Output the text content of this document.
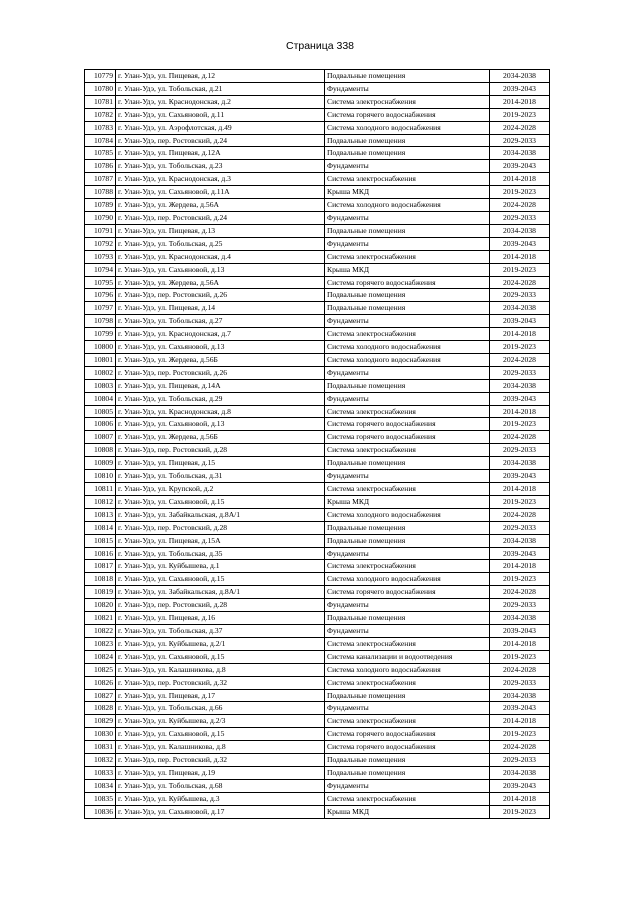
Страница 338
10779	г. Улан-Удэ, ул. Пищевая, д.12	Подвальные помещения	2034-2038
10780	г. Улан-Удэ, ул. Тобольская, д.21	Фундаменты	2039-2043
10781	г. Улан-Удэ, ул. Краснодонская, д.2	Система электроснабжения	2014-2018
10782	г. Улан-Удэ, ул. Сахьяновой, д.11	Система горячего водоснабжения	2019-2023
10783	г. Улан-Удэ, ул. Аэрофлотская, д.49	Система холодного водоснабжения	2024-2028
10784	г. Улан-Удэ, пер. Ростовский, д.24	Подвальные помещения	2029-2033
10785	г. Улан-Удэ, ул. Пищевая, д.12А	Подвальные помещения	2034-2038
10786	г. Улан-Удэ, ул. Тобольская, д.23	Фундаменты	2039-2043
10787	г. Улан-Удэ, ул. Краснодонская, д.3	Система электроснабжения	2014-2018
10788	г. Улан-Удэ, ул. Сахьяновой, д.11А	Крыша МКД	2019-2023
10789	г. Улан-Удэ, ул. Жердева, д.56А	Система холодного водоснабжения	2024-2028
10790	г. Улан-Удэ, пер. Ростовский, д.24	Фундаменты	2029-2033
10791	г. Улан-Удэ, ул. Пищевая, д.13	Подвальные помещения	2034-2038
10792	г. Улан-Удэ, ул. Тобольская, д.25	Фундаменты	2039-2043
10793	г. Улан-Удэ, ул. Краснодонская, д.4	Система электроснабжения	2014-2018
10794	г. Улан-Удэ, ул. Сахьяновой, д.13	Крыша МКД	2019-2023
10795	г. Улан-Удэ, ул. Жердева, д.56А	Система горячего водоснабжения	2024-2028
10796	г. Улан-Удэ, пер. Ростовский, д.26	Подвальные помещения	2029-2033
10797	г. Улан-Удэ, ул. Пищевая, д.14	Подвальные помещения	2034-2038
10798	г. Улан-Удэ, ул. Тобольская, д.27	Фундаменты	2039-2043
10799	г. Улан-Удэ, ул. Краснодонская, д.7	Система электроснабжения	2014-2018
10800	г. Улан-Удэ, ул. Сахьяновой, д.13	Система холодного водоснабжения	2019-2023
10801	г. Улан-Удэ, ул. Жердева, д.56Б	Система холодного водоснабжения	2024-2028
10802	г. Улан-Удэ, пер. Ростовский, д.26	Фундаменты	2029-2033
10803	г. Улан-Удэ, ул. Пищевая, д.14А	Подвальные помещения	2034-2038
10804	г. Улан-Удэ, ул. Тобольская, д.29	Фундаменты	2039-2043
10805	г. Улан-Удэ, ул. Краснодонская, д.8	Система электроснабжения	2014-2018
10806	г. Улан-Удэ, ул. Сахьяновой, д.13	Система горячего водоснабжения	2019-2023
10807	г. Улан-Удэ, ул. Жердева, д.56Б	Система горячего водоснабжения	2024-2028
10808	г. Улан-Удэ, пер. Ростовский, д.28	Система электроснабжения	2029-2033
10809	г. Улан-Удэ, ул. Пищевая, д.15	Подвальные помещения	2034-2038
10810	г. Улан-Удэ, ул. Тобольская, д.31	Фундаменты	2039-2043
10811	г. Улан-Удэ, ул. Крупской, д.2	Система электроснабжения	2014-2018
10812	г. Улан-Удэ, ул. Сахьяновой, д.15	Крыша МКД	2019-2023
10813	г. Улан-Удэ, ул. Забайкальская, д.8А/1	Система холодного водоснабжения	2024-2028
10814	г. Улан-Удэ, пер. Ростовский, д.28	Подвальные помещения	2029-2033
10815	г. Улан-Удэ, ул. Пищевая, д.15А	Подвальные помещения	2034-2038
10816	г. Улан-Удэ, ул. Тобольская, д.35	Фундаменты	2039-2043
10817	г. Улан-Удэ, ул. Куйбышева, д.1	Система электроснабжения	2014-2018
10818	г. Улан-Удэ, ул. Сахьяновой, д.15	Система холодного водоснабжения	2019-2023
10819	г. Улан-Удэ, ул. Забайкальская, д.8А/1	Система горячего водоснабжения	2024-2028
10820	г. Улан-Удэ, пер. Ростовский, д.28	Фундаменты	2029-2033
10821	г. Улан-Удэ, ул. Пищевая, д.16	Подвальные помещения	2034-2038
10822	г. Улан-Удэ, ул. Тобольская, д.37	Фундаменты	2039-2043
10823	г. Улан-Удэ, ул. Куйбышева, д.2/1	Система электроснабжения	2014-2018
10824	г. Улан-Удэ, ул. Сахьяновой, д.15	Система канализации и водоотведения	2019-2023
10825	г. Улан-Удэ, ул. Калашникова, д.8	Система холодного водоснабжения	2024-2028
10826	г. Улан-Удэ, пер. Ростовский, д.32	Система электроснабжения	2029-2033
10827	г. Улан-Удэ, ул. Пищевая, д.17	Подвальные помещения	2034-2038
10828	г. Улан-Удэ, ул. Тобольская, д.66	Фундаменты	2039-2043
10829	г. Улан-Удэ, ул. Куйбышева, д.2/3	Система электроснабжения	2014-2018
10830	г. Улан-Удэ, ул. Сахьяновой, д.15	Система горячего водоснабжения	2019-2023
10831	г. Улан-Удэ, ул. Калашникова, д.8	Система горячего водоснабжения	2024-2028
10832	г. Улан-Удэ, пер. Ростовский, д.32	Подвальные помещения	2029-2033
10833	г. Улан-Удэ, ул. Пищевая, д.19	Подвальные помещения	2034-2038
10834	г. Улан-Удэ, ул. Тобольская, д.68	Фундаменты	2039-2043
10835	г. Улан-Удэ, ул. Куйбышева, д.3	Система электроснабжения	2014-2018
10836	г. Улан-Удэ, ул. Сахьяновой, д.17	Крыша МКД	2019-2023
